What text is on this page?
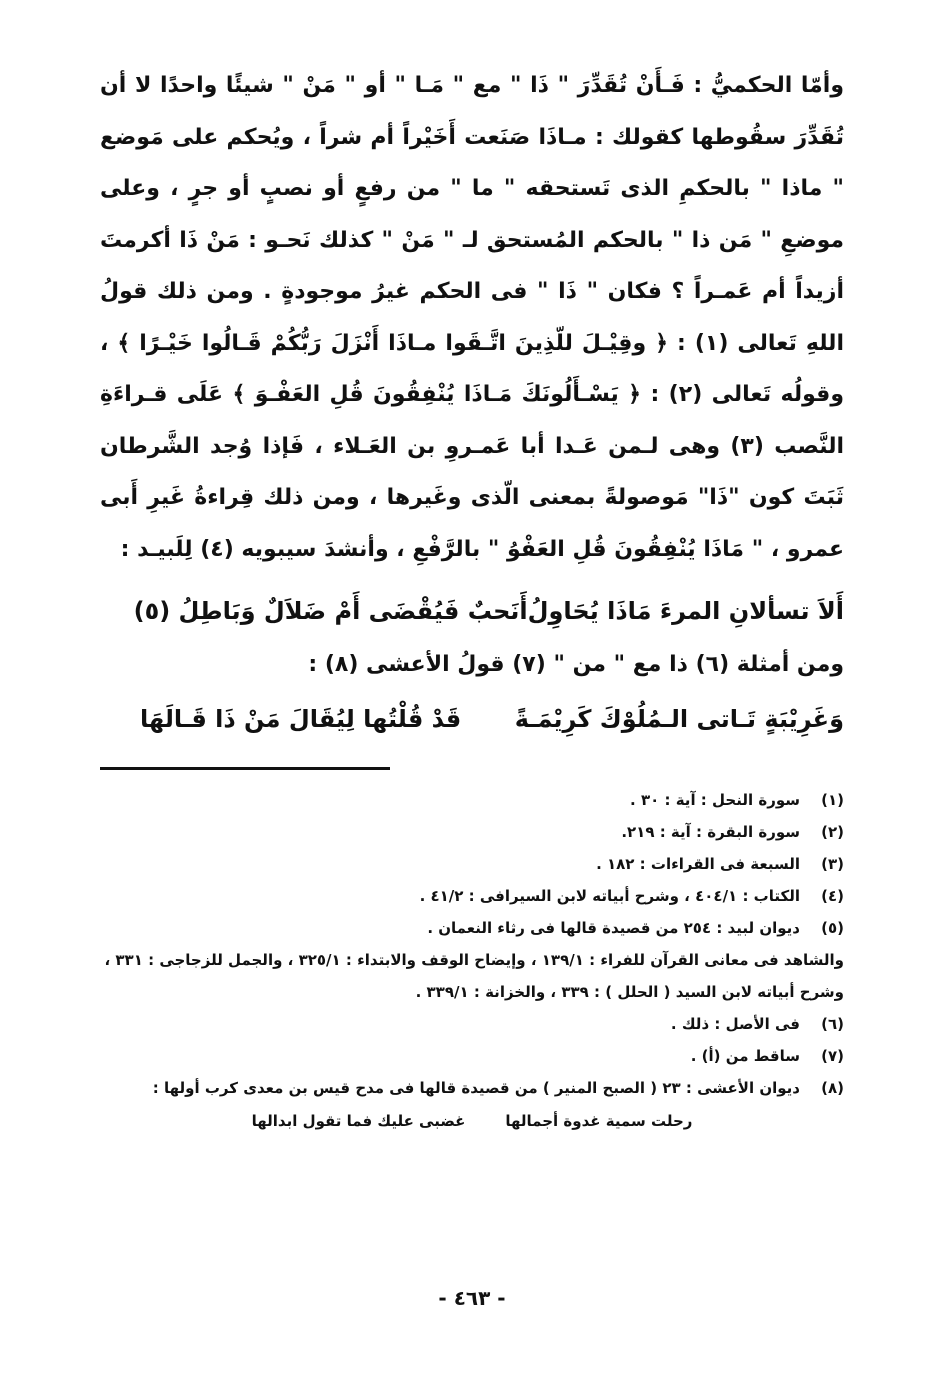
وأمّا الحكميُّ : فَـأَنْ تُقَدِّرَ " ذَا " مع " مَـا " أو " مَنْ " شيئًا واحدًا لا أن تُقَدِّرَ سقُوطها كقولك : مـاذَا صَنَعت أَخَيْراً أم شراً ، ويُحكم على مَوضع " ماذا " بالحكمِ الذى تَستحقه " ما " من رفعٍ أو نصبٍ أو جرٍ ، وعلى موضعِ " مَن ذا " بالحكم المُستحق لـ " مَنْ " كذلك نَحـو : مَنْ ذَا أكرمتَ أزيداً أم عَمـراً ؟ فكان " ذَا " فى الحكم غيرُ موجودةٍ . ومن ذلك قولُ اللهِ تَعالى (١) : ﴿ وقِيْـلَ للّذِينَ اتَّـقَوا مـاذَا أَنْزَلَ رَبُّكُمْ قَـالُوا خَيْـرًا ﴾ ، وقولُه تَعالى (٢) : ﴿ يَسْـأَلُونَكَ مَـاذَا يُنْفِقُونَ قُلِ العَفْـوَ ﴾ عَلَى قـراءَةِ النَّصب (٣) وهى لـمن عَـدا أبا عَمـروِ بن العَـلاء ، فَإذا وُجد الشَّرطان ثَبَتَ كون "ذَا" مَوصولةً بمعنى الّذى وغَيرها ، ومن ذلك قِراءةُ غَيرِ أَبى عمرو ، " مَاذَا يُنْفِقُونَ قُلِ العَفْوُ " بالرَّفْعِ ، وأنشدَ سيبويه (٤) لِلَبيـد :

أَلاَ تسألانِ المرءَ مَاذَا يُحَاوِلُ
أَنَحبٌ فَيُقْضَى أَمْ ضَلاَلٌ وَبَاطِلُ (٥)
ومن أمثلة (٦) ذا مع " من " (٧) قولُ الأعشى (٨) :
وَغَرِيْبَةٍ تَـاتى الـمُلُوْكَ كَرِيْمَـةً
قَدْ قُلْتُها لِيُقَالَ مَنْ ذَا قَـالَهَا
(١)
سورة النحل : آية : ٣٠ .
(٢)
سورة البقرة : آية : ٢١٩.
(٣)
السبعة فى القراءات : ١٨٢ .
(٤)
الكتاب : ٤٠٤/١ ، وشرح أبياته لابن السيرافى : ٤١/٢ .
(٥)
ديوان لبيد : ٢٥٤ من قصيدة قالها فى رثاء النعمان .
والشاهد فى معانى القرآن للفراء : ١٣٩/١ ، وإيضاح الوقف والابتداء : ٣٢٥/١ ، والجمل للزجاجى : ٣٣١ ، وشرح أبياته لابن السيد ( الحلل ) : ٣٣٩ ، والخزانة : ٣٣٩/١ .
(٦)
فى الأصل : ذلك .
(٧)
ساقط من (أ) .
(٨)
ديوان الأعشى : ٢٣ ( الصبح المنير ) من قصيدة قالها فى مدح قيس بن معدى كرب أولها :
رحلت سمية غدوة أجمالها
غضبى عليك فما تقول ابدالها
- ٤٦٣ -
